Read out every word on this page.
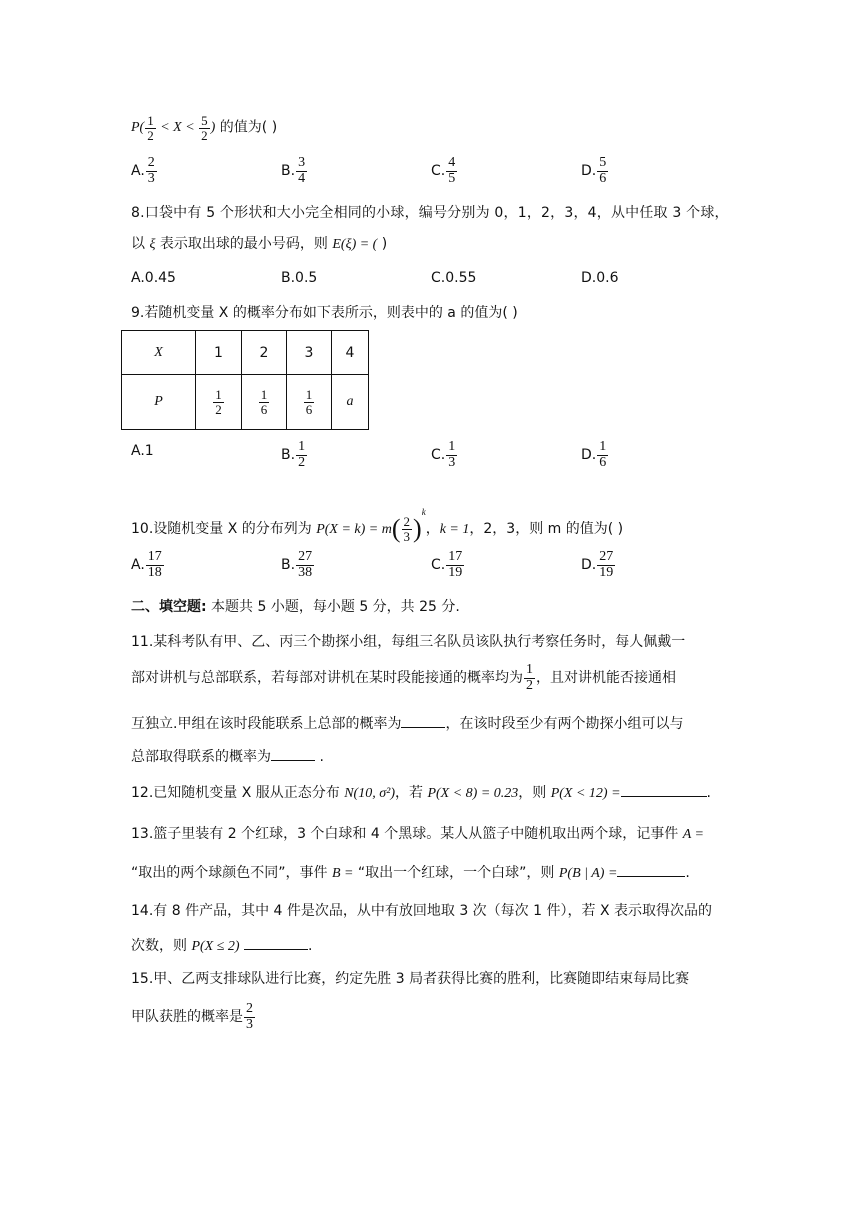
$P( \frac{1}{2} < X < \frac{5}{2}$ ) 的值为( )
A. $\frac{2}{3}$	B. $\frac{3}{4}$	C. $\frac{4}{5}$	D. $\frac{5}{6}$
8.口袋中有 5 个形状和大小完全相同的小球，编号分别为 0，1，2，3，4，从中任取 3 个球，
以 ξ 表示取出球的最小号码，则 E(ξ) = ( )
A.0.45	B.0.5	C.0.55	D.0.6
9.若随机变量 X 的概率分布如下表所示，则表中的 a 的值为( )
X	1	2	3	4
P	$\frac{1}{2}$	$\frac{1}{6}$	$\frac{1}{6}$	a
A.1	B. $\frac{1}{2}$	C. $\frac{1}{3}$	D. $\frac{1}{6}$
10.设随机变量 X 的分布列为 $P(X = k) = m( \frac{2}{3} )^k$，k = 1，2，3，则 m 的值为( )
A. $\frac{17}{18}$	B. $\frac{27}{38}$	C. $\frac{17}{19}$	D. $\frac{27}{19}$
二、填空题: 本题共 5 小题，每小题 5 分，共 25 分.
11.某科考队有甲、乙、丙三个勘探小组，每组三名队员该队执行考察任务时，每人佩戴一
部对讲机与总部联系，若每部对讲机在某时段能接通的概率均为 $\frac{1}{2}$ ，且对讲机能否接通相
互独立.甲组在该时段能联系上总部的概率为	，在该时段至少有两个勘探小组可以与
总部取得联系的概率为	.
12.已知随机变量 X 服从正态分布 N(10, σ²)，若 P(X < 8) = 0.23，则 P(X < 12) =	.
13.篮子里装有 2 个红球，3 个白球和 4 个黑球。某人从篮子中随机取出两个球，记事件 A =
“取出的两个球颜色不同”，事件 B = “取出一个红球，一个白球”，则 P(B | A) =	.
14.有 8 件产品，其中 4 件是次品，从中有放回地取 3 次（每次 1 件），若 X 表示取得次品的
次数，则 P(X ≤ 2)	.
15.甲、乙两支排球队进行比赛，约定先胜 3 局者获得比赛的胜利，比赛随即结束每局比赛
甲队获胜的概率是 $\frac{2}{3}$
